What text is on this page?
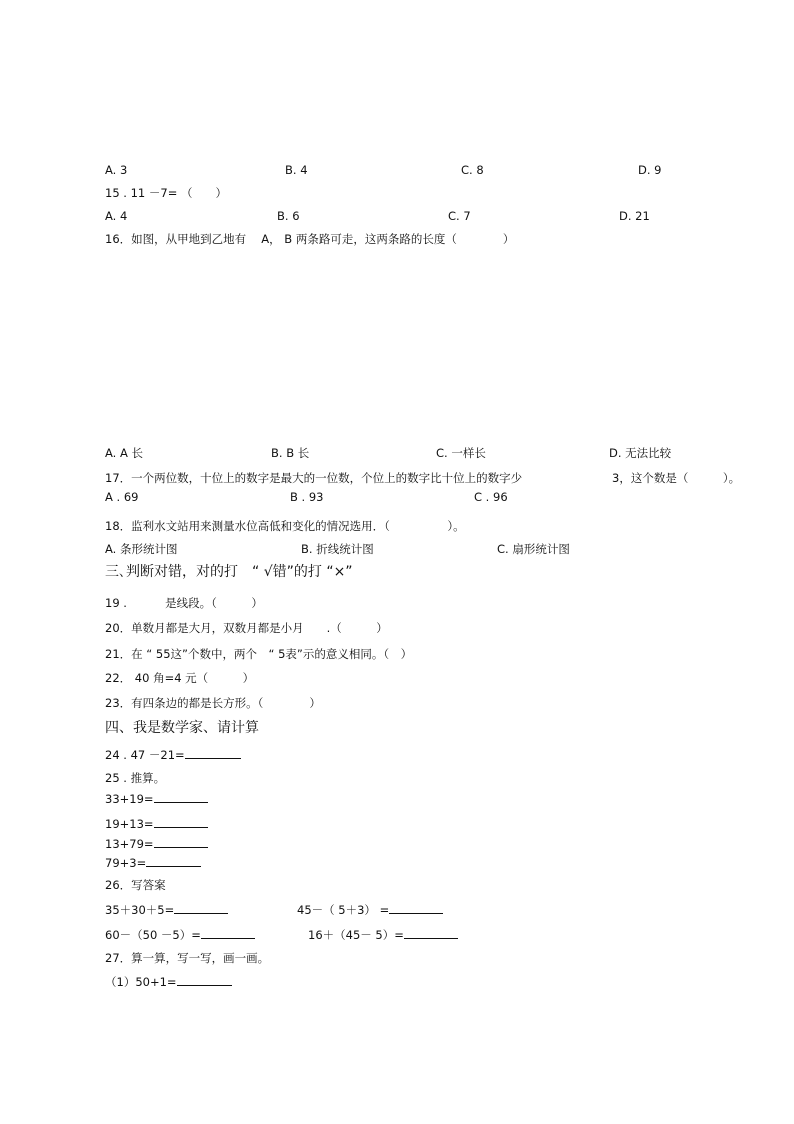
A. 3	B. 4	C. 8	D. 9
15 . 11 －7= （　　）
A. 4	B. 6	C. 7	D. 21
16．如图，从甲地到乙地有　 A， B 两条路可走，这两条路的长度（　　　　）
A. A 长	B. B 长	C. 一样长	D. 无法比较
17．一个两位数，十位上的数字是最大的一位数，个位上的数字比十位上的数字少	3，这个数是（　　　）。
A . 69	B . 93	C . 96
18．监利水文站用来测量水位高低和变化的情况选用．（　　　　　）。
A. 条形统计图	B. 折线统计图	C. 扇形统计图
三､判断对错，对的打　“ √错”的打 “×”
19 .　　　 是线段。（　　　）
20．单数月都是大月，双数月都是小月　　.（　　　）
21．在 “ 55这”个数中，两个　“ 5表”示的意义相同。（　）
22． 40 角=4 元（　　　）
23．有四条边的都是长方形。（　　　　）
四、我是数学家、请计算
24 . 47 －21=
25 . 推算。
33+19=
19+13=
13+79=
79+3=
26．写答案
35＋30＋5=	45－（ 5＋3） =
60－（50 －5）=	16＋（45－ 5）=
27．算一算，写一写，画一画。
（1）50+1=
